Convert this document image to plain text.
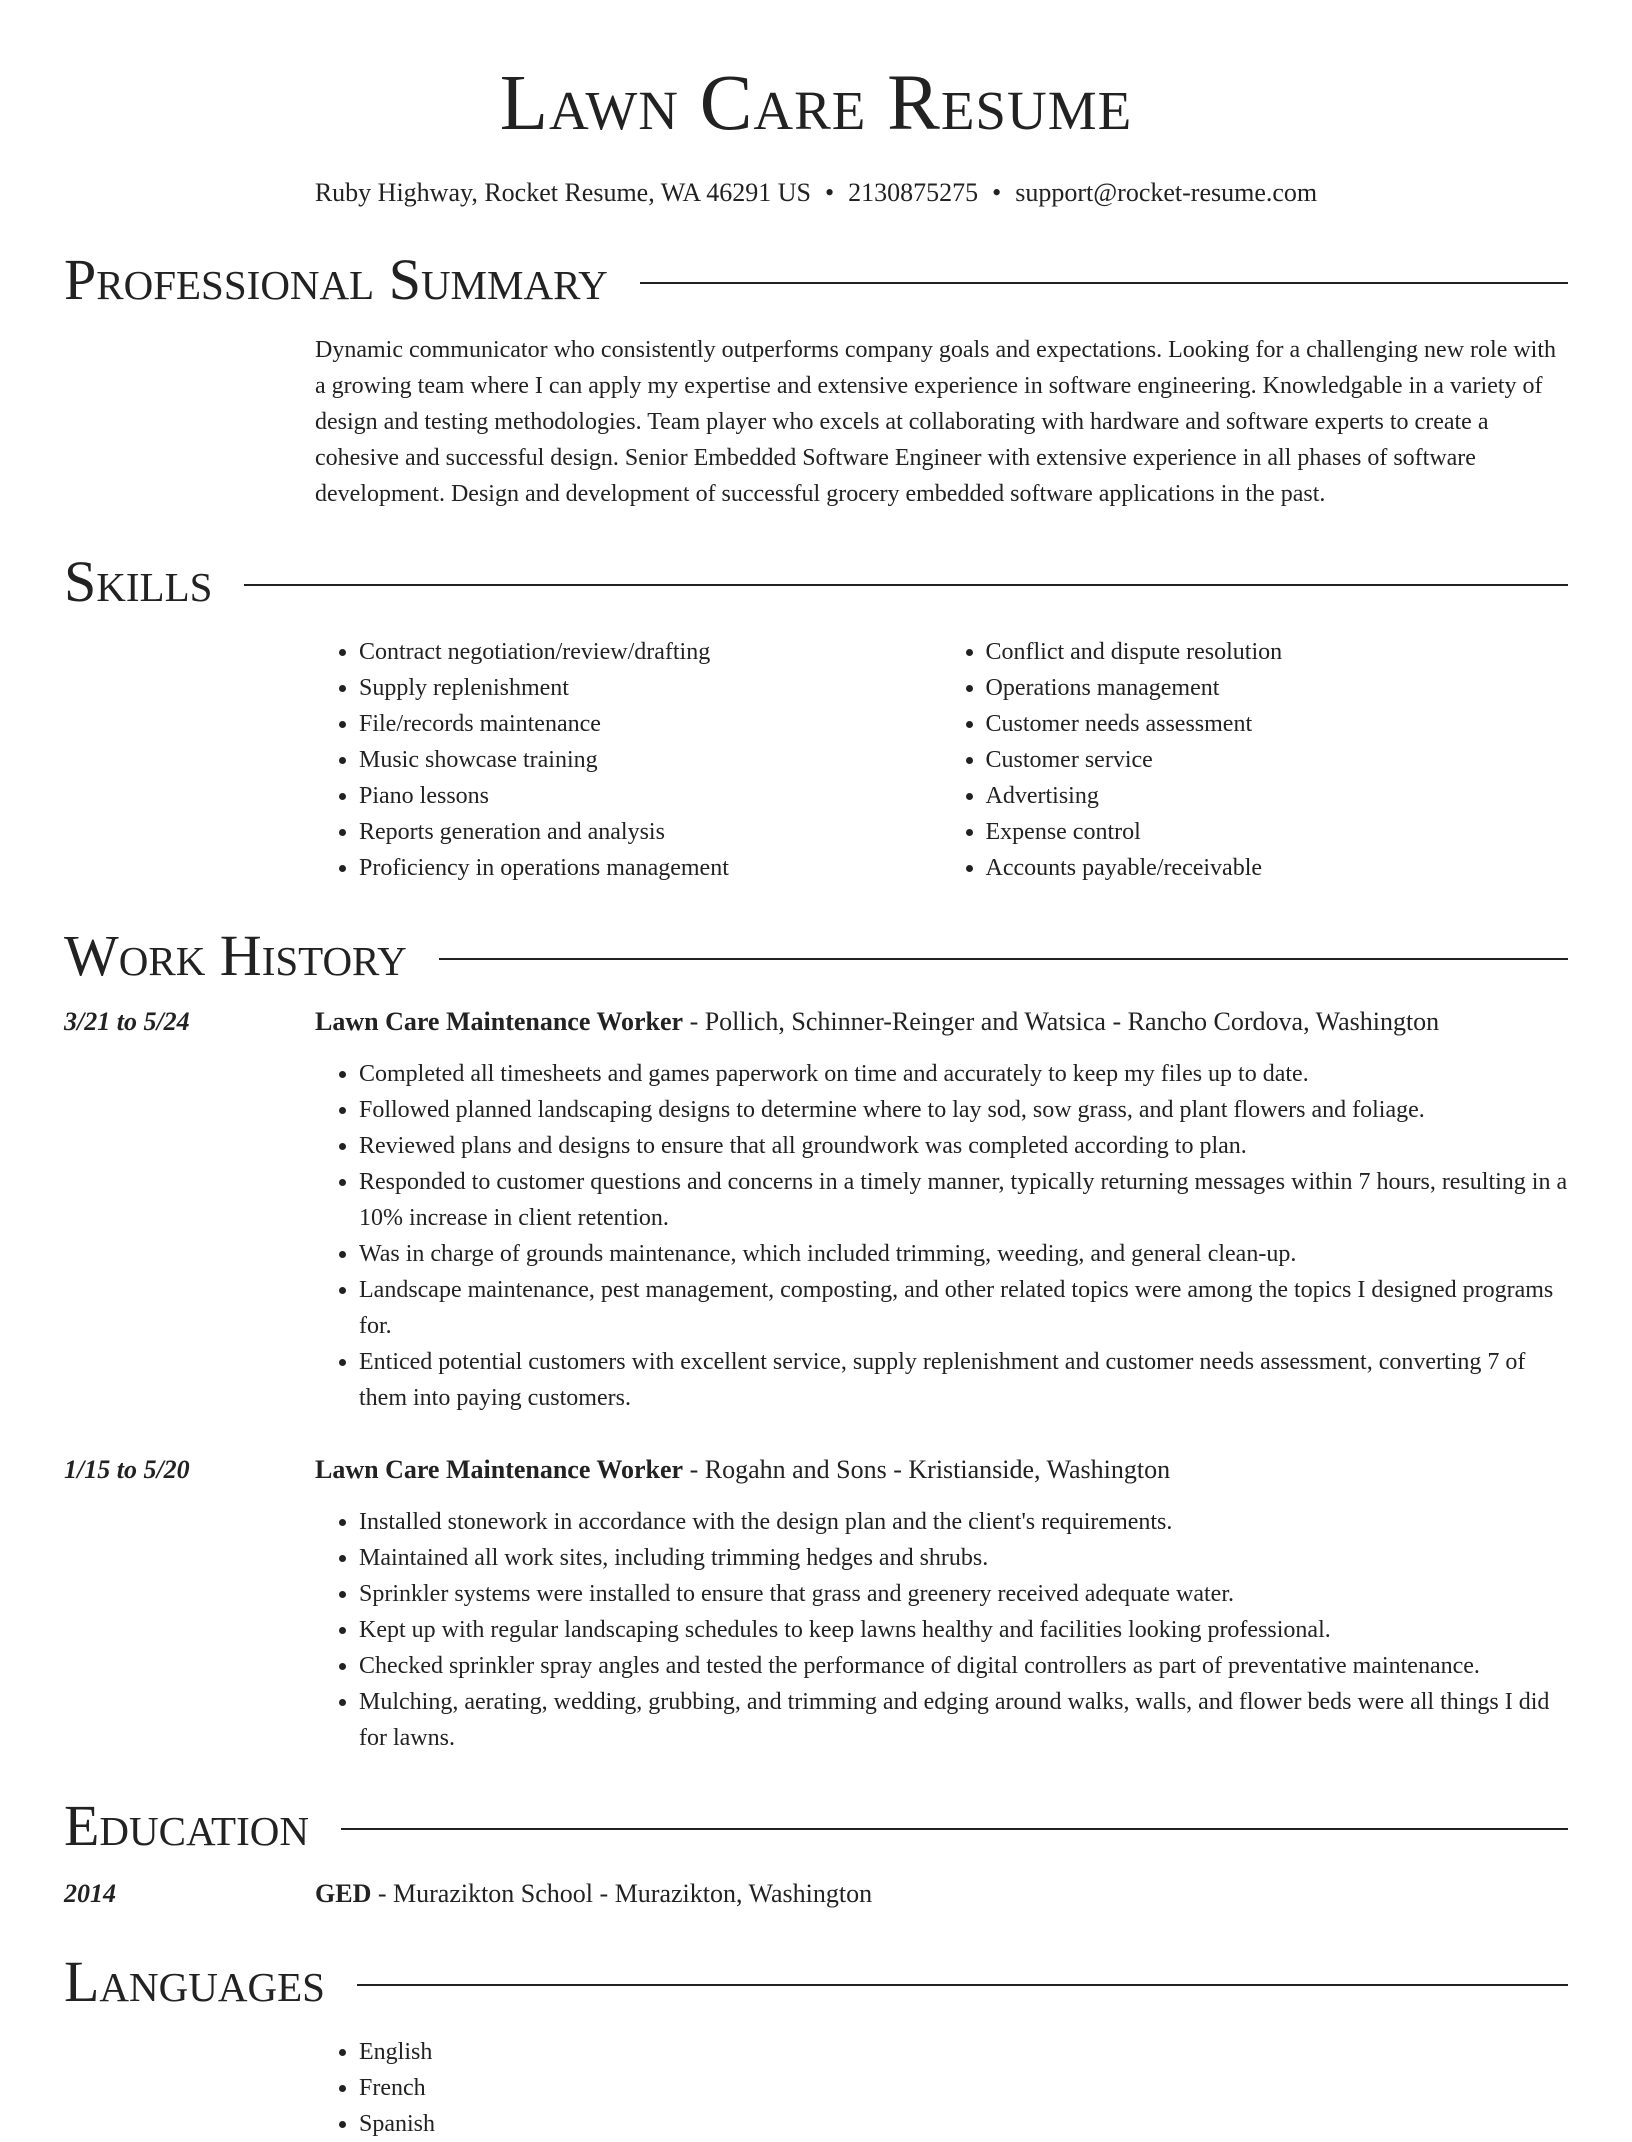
Lawn Care Resume
Ruby Highway, Rocket Resume, WA 46291 US • 2130875275 • support@rocket-resume.com
Professional Summary
Dynamic communicator who consistently outperforms company goals and expectations. Looking for a challenging new role with a growing team where I can apply my expertise and extensive experience in software engineering. Knowledgable in a variety of design and testing methodologies. Team player who excels at collaborating with hardware and software experts to create a cohesive and successful design. Senior Embedded Software Engineer with extensive experience in all phases of software development. Design and development of successful grocery embedded software applications in the past.
Skills
• Contract negotiation/review/drafting
• Supply replenishment
• File/records maintenance
• Music showcase training
• Piano lessons
• Reports generation and analysis
• Proficiency in operations management
• Conflict and dispute resolution
• Operations management
• Customer needs assessment
• Customer service
• Advertising
• Expense control
• Accounts payable/receivable
Work History
3/21 to 5/24	Lawn Care Maintenance Worker - Pollich, Schinner-Reinger and Watsica - Rancho Cordova, Washington
• Completed all timesheets and games paperwork on time and accurately to keep my files up to date.
• Followed planned landscaping designs to determine where to lay sod, sow grass, and plant flowers and foliage.
• Reviewed plans and designs to ensure that all groundwork was completed according to plan.
• Responded to customer questions and concerns in a timely manner, typically returning messages within 7 hours, resulting in a 10% increase in client retention.
• Was in charge of grounds maintenance, which included trimming, weeding, and general clean-up.
• Landscape maintenance, pest management, composting, and other related topics were among the topics I designed programs for.
• Enticed potential customers with excellent service, supply replenishment and customer needs assessment, converting 7 of them into paying customers.
1/15 to 5/20	Lawn Care Maintenance Worker - Rogahn and Sons - Kristianside, Washington
• Installed stonework in accordance with the design plan and the client's requirements.
• Maintained all work sites, including trimming hedges and shrubs.
• Sprinkler systems were installed to ensure that grass and greenery received adequate water.
• Kept up with regular landscaping schedules to keep lawns healthy and facilities looking professional.
• Checked sprinkler spray angles and tested the performance of digital controllers as part of preventative maintenance.
• Mulching, aerating, wedding, grubbing, and trimming and edging around walks, walls, and flower beds were all things I did for lawns.
Education
2014	GED - Murazikton School - Murazikton, Washington
Languages
• English
• French
• Spanish
